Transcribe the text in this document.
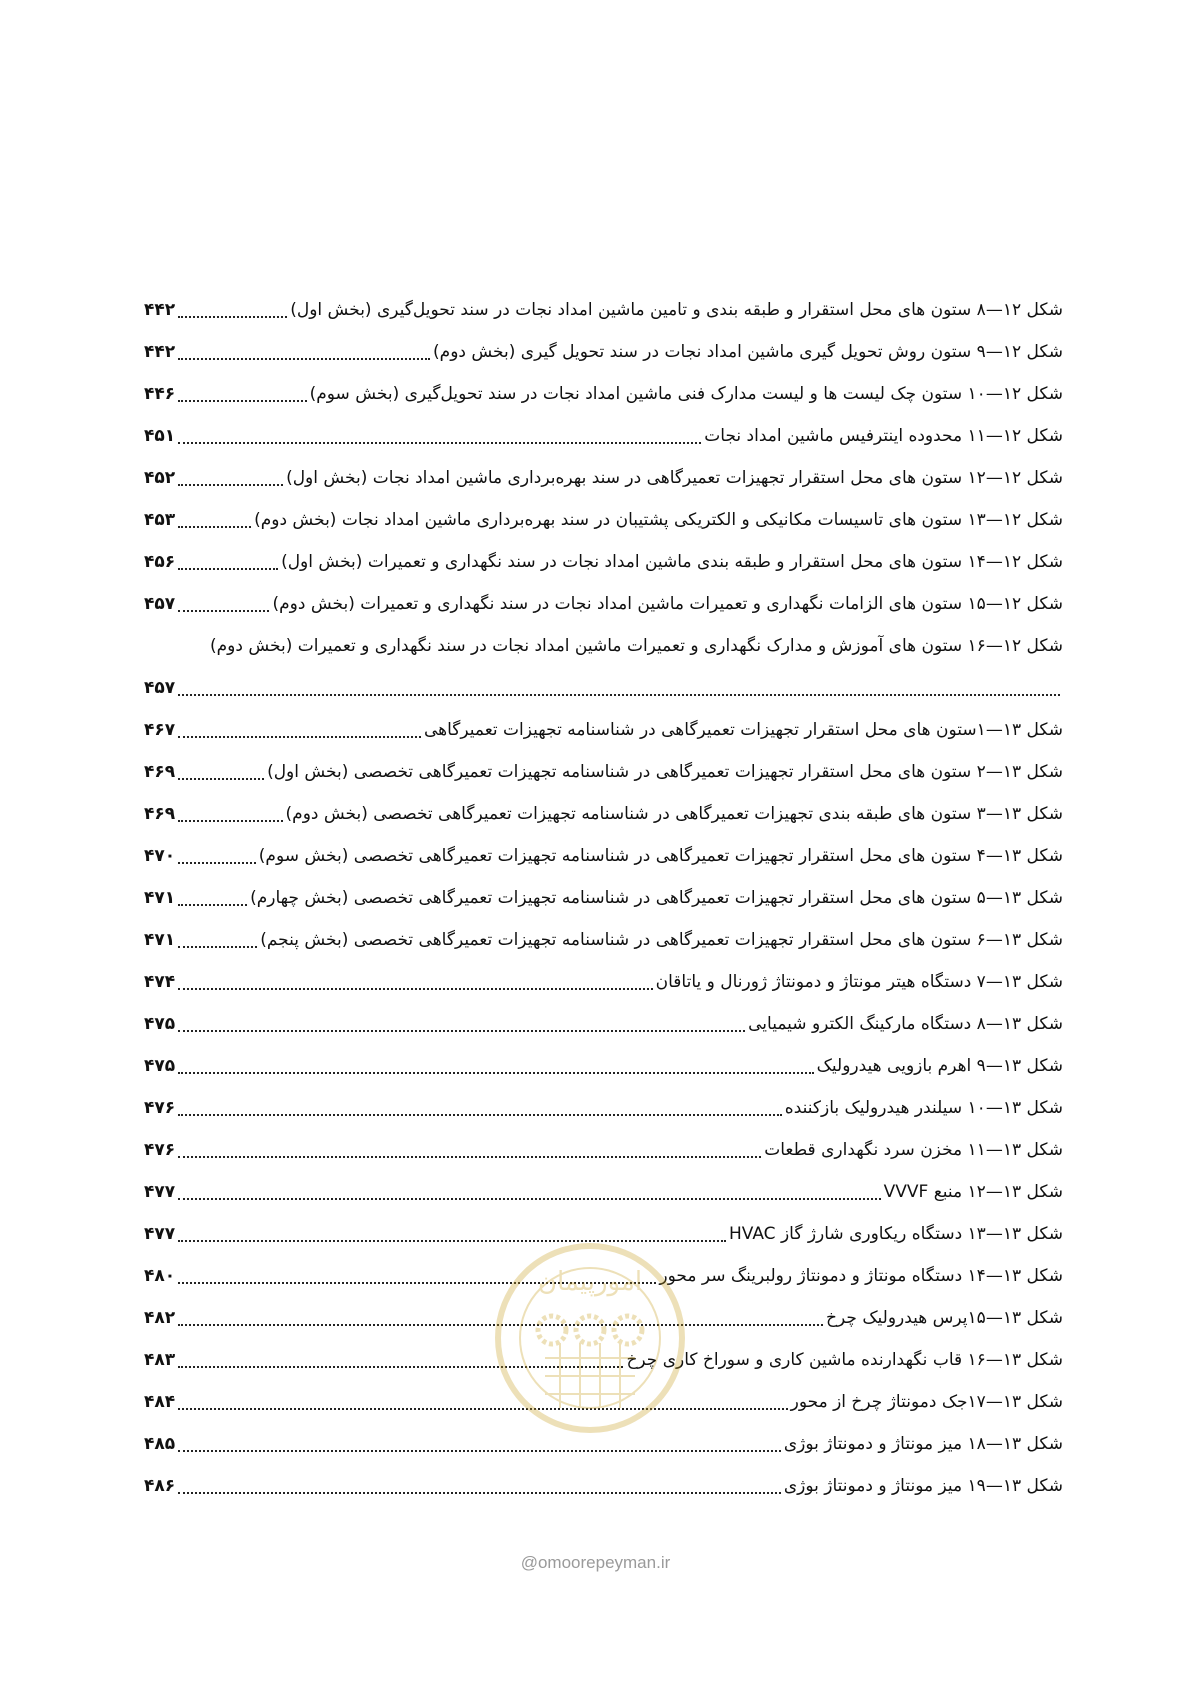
شکل ۱۲—۸ ستون های محل استقرار و طبقه بندی و تامین ماشین امداد نجات در سند تحویل‌گیری (بخش اول)
۴۴۲
شکل ۱۲—۹ ستون روش تحویل گیری ماشین امداد نجات در سند تحویل گیری (بخش دوم)
۴۴۲
شکل ۱۲—۱۰ ستون چک لیست ها و لیست مدارک فنی ماشین امداد نجات در سند تحویل‌گیری (بخش سوم)
۴۴۶
شکل ۱۲—۱۱ محدوده اینترفیس ماشین امداد نجات
۴۵۱
شکل ۱۲—۱۲ ستون های محل استقرار تجهیزات تعمیرگاهی در سند بهره‌برداری ماشین امداد نجات (بخش اول)
۴۵۲
شکل ۱۲—۱۳ ستون های تاسیسات مکانیکی و الکتریکی پشتیبان در سند بهره‌برداری ماشین امداد نجات (بخش دوم)
۴۵۳
شکل ۱۲—۱۴ ستون های محل استقرار و طبقه بندی ماشین امداد نجات در سند نگهداری و تعمیرات (بخش اول)
۴۵۶
شکل ۱۲—۱۵ ستون های الزامات نگهداری و تعمیرات ماشین امداد نجات در سند نگهداری و تعمیرات (بخش دوم)
۴۵۷
شکل ۱۲—۱۶ ستون های آموزش و مدارک نگهداری و تعمیرات ماشین امداد نجات در سند نگهداری و تعمیرات (بخش دوم)
۴۵۷
شکل ۱۳—۱ستون های محل استقرار تجهیزات تعمیرگاهی در شناسنامه تجهیزات تعمیرگاهی
۴۶۷
شکل ۱۳—۲ ستون های محل استقرار تجهیزات تعمیرگاهی در شناسنامه تجهیزات تعمیرگاهی تخصصی (بخش اول)
۴۶۹
شکل ۱۳—۳ ستون های طبقه بندی تجهیزات تعمیرگاهی در شناسنامه تجهیزات تعمیرگاهی تخصصی (بخش دوم)
۴۶۹
شکل ۱۳—۴ ستون های محل استقرار تجهیزات تعمیرگاهی در شناسنامه تجهیزات تعمیرگاهی تخصصی (بخش سوم)
۴۷۰
شکل ۱۳—۵ ستون های محل استقرار تجهیزات تعمیرگاهی در شناسنامه تجهیزات تعمیرگاهی تخصصی (بخش چهارم)
۴۷۱
شکل ۱۳—۶ ستون های محل استقرار تجهیزات تعمیرگاهی در شناسنامه تجهیزات تعمیرگاهی تخصصی (بخش پنجم)
۴۷۱
شکل ۱۳—۷ دستگاه هیتر مونتاژ و دمونتاژ ژورنال و یاتاقان
۴۷۴
شکل ۱۳—۸ دستگاه مارکینگ الکترو شیمیایی
۴۷۵
شکل ۱۳—۹ اهرم بازویی هیدرولیک
۴۷۵
شکل ۱۳—۱۰ سیلندر هیدرولیک بازکننده
۴۷۶
شکل ۱۳—۱۱ مخزن سرد نگهداری قطعات
۴۷۶
شکل ۱۳—۱۲ منبع VVVF
۴۷۷
شکل ۱۳—۱۳ دستگاه ریکاوری شارژ گاز HVAC
۴۷۷
شکل ۱۳—۱۴ دستگاه مونتاژ و دمونتاژ رولبرینگ سر محور
۴۸۰
شکل ۱۳—۱۵پرس هیدرولیک چرخ
۴۸۲
شکل ۱۳—۱۶ قاب نگهدارنده ماشین کاری و سوراخ کاری چرخ
۴۸۳
شکل ۱۳—۱۷جک دمونتاژ چرخ از محور
۴۸۴
شکل ۱۳—۱۸ میز مونتاژ و دمونتاژ بوژی
۴۸۵
شکل ۱۳—۱۹ میز مونتاژ و دمونتاژ بوژی
۴۸۶
امورپیمان
@omoorepeyman.ir
